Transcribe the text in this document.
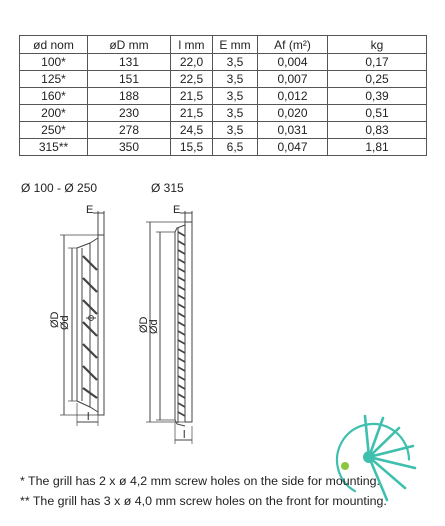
ød nom	øD mm	l mm	E mm	Af (m²)	kg
100*	131	22,0	3,5	0,004	0,17
125*	151	22,5	3,5	0,007	0,25
160*	188	21,5	3,5	0,012	0,39
200*	230	21,5	3,5	0,020	0,51
250*	278	24,5	3,5	0,031	0,83
315**	350	15,5	6,5	0,047	1,81
Ø 100 - Ø 250	Ø 315
E
ØD
Ød
l
E
ØD
Ød
l
* The grill has 2 x ø 4,2 mm screw holes on the side for mounting.
** The grill has 3 x ø 4,0 mm screw holes on the front for mounting.
